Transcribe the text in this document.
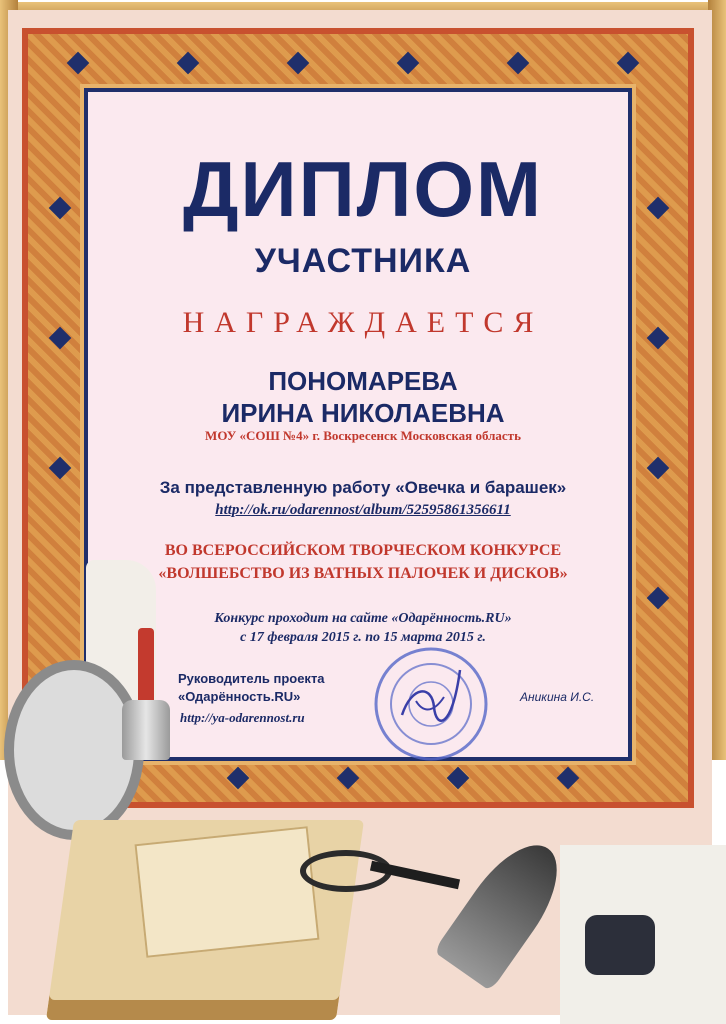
ДИПЛОМ
УЧАСТНИКА
НАГРАЖДАЕТСЯ
ПОНОМАРЕВА
ИРИНА НИКОЛАЕВНА
МОУ «СОШ №4» г. Воскресенск Московская область
За представленную работу «Овечка и барашек»
http://ok.ru/odarennost/album/52595861356611
ВО ВСЕРОССИЙСКОМ ТВОРЧЕСКОМ КОНКУРСЕ
«ВОЛШЕБСТВО ИЗ ВАТНЫХ ПАЛОЧЕК И ДИСКОВ»
Конкурс проходит на сайте «Одарённость.RU»
с 17 февраля 2015 г. по 15 марта 2015 г.
Руководитель проекта
«Одарённость.RU»
http://ya-odarennost.ru
Аникина И.С.
